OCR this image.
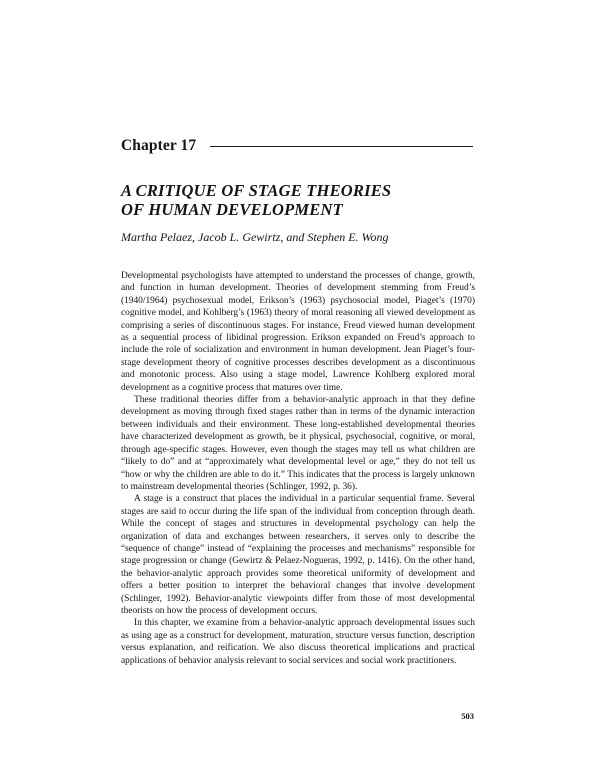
Chapter 17
A CRITIQUE OF STAGE THEORIES
OF HUMAN DEVELOPMENT

Martha Pelaez, Jacob L. Gewirtz, and Stephen E. Wong

Developmental psychologists have attempted to understand the processes of change, growth, and function in human development. Theories of development stemming from Freud’s (1940/1964) psychosexual model, Erikson’s (1963) psychosocial model, Piaget’s (1970) cognitive model, and Kohlberg’s (1963) theory of moral reasoning all viewed development as comprising a series of discontinuous stages. For instance, Freud viewed human development as a sequential process of libidinal progression. Erikson expanded on Freud’s approach to include the role of socialization and environment in human development. Jean Piaget’s four-stage development theory of cognitive processes describes development as a discontinuous and monotonic process. Also using a stage model, Lawrence Kohlberg explored moral development as a cognitive process that matures over time.

These traditional theories differ from a behavior-analytic approach in that they define development as moving through fixed stages rather than in terms of the dynamic interaction between individuals and their environment. These long-established developmental theories have characterized development as growth, be it physical, psychosocial, cognitive, or moral, through age-specific stages. However, even though the stages may tell us what children are “likely to do” and at “approximately what developmental level or age,” they do not tell us “how or why the children are able to do it.” This indicates that the process is largely unknown to mainstream developmental theories (Schlinger, 1992, p. 36).

A stage is a construct that places the individual in a particular sequential frame. Several stages are said to occur during the life span of the individual from conception through death. While the concept of stages and structures in developmental psychology can help the organization of data and exchanges between researchers, it serves only to describe the “sequence of change” instead of “explaining the processes and mechanisms” responsible for stage progression or change (Gewirtz & Pelaez-Nogueras, 1992, p. 1416). On the other hand, the behavior-analytic approach provides some theoretical uniformity of development and offers a better position to interpret the behavioral changes that involve development (Schlinger, 1992). Behavior-analytic viewpoints differ from those of most developmental theorists on how the process of development occurs.

In this chapter, we examine from a behavior-analytic approach developmental issues such as using age as a construct for development, maturation, structure versus function, description versus explanation, and reification. We also discuss theoretical implications and practical applications of behavior analysis relevant to social services and social work practitioners.

503
